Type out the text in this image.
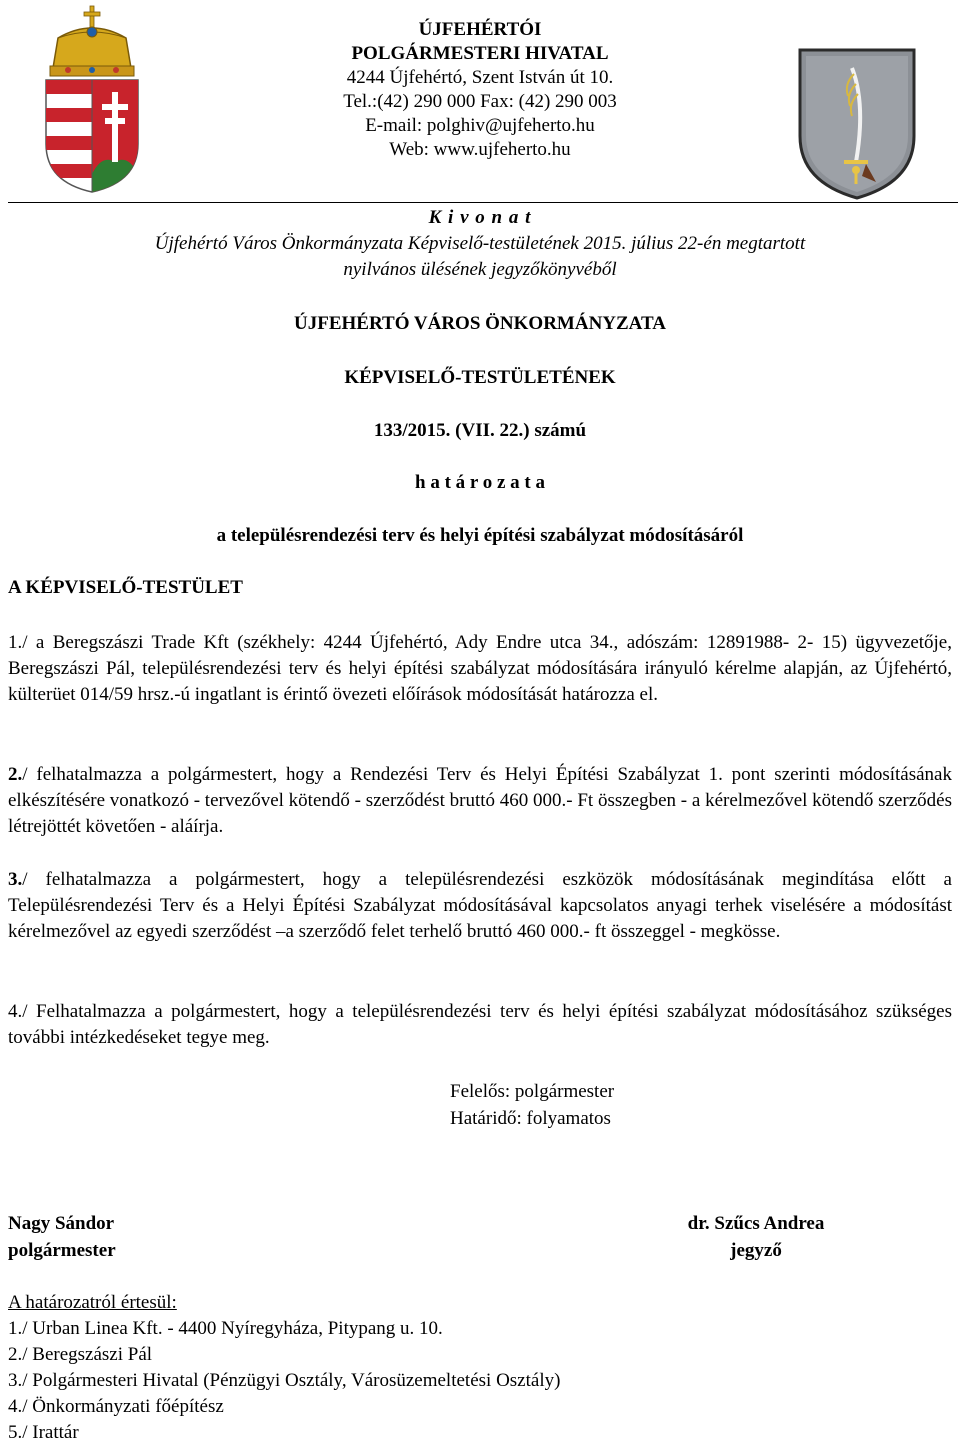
ÚJFEHÉRTÓI
POLGÁRMESTERI HIVATAL
4244 Újfehértó, Szent István út 10.
Tel.:(42) 290 000 Fax: (42) 290 003
E-mail: polghiv@ujfeherto.hu
Web: www.ujfeherto.hu
K i v o n a t
Újfehértó Város Önkormányzata Képviselő-testületének 2015. július 22-én megtartott
nyilvános ülésének jegyzőkönyvéből
ÚJFEHÉRTÓ VÁROS ÖNKORMÁNYZATA
KÉPVISELŐ-TESTÜLETÉNEK
133/2015. (VII. 22.) számú
h a t á r o z a t a
a településrendezési terv és helyi építési szabályzat módosításáról
A KÉPVISELŐ-TESTÜLET
1./ a Beregszászi Trade Kft (székhely: 4244 Újfehértó, Ady Endre utca 34., adószám: 12891988- 2- 15) ügyvezetője, Beregszászi Pál, településrendezési terv és helyi építési szabályzat módosítására irányuló kérelme alapján, az Újfehértó, külterüet 014/59 hrsz.-ú ingatlant is érintő övezeti előírások módosítását határozza el.
2./ felhatalmazza a polgármestert, hogy a Rendezési Terv és Helyi Építési Szabályzat 1. pont szerinti módosításának elkészítésére vonatkozó - tervezővel kötendő - szerződést bruttó 460 000.- Ft összegben - a kérelmezővel kötendő szerződés létrejöttét követően - aláírja.
3./ felhatalmazza a polgármestert, hogy a településrendezési eszközök módosításának megindítása előtt a Településrendezési Terv és a Helyi Építési Szabályzat módosításával kapcsolatos anyagi terhek viselésére a módosítást kérelmezővel az egyedi szerződést –a szerződő felet terhelő bruttó 460 000.- ft összeggel - megkösse.
4./ Felhatalmazza a polgármestert, hogy a településrendezési terv és helyi építési szabályzat módosításához szükséges további intézkedéseket tegye meg.
Felelős: polgármester
Határidő: folyamatos
Nagy Sándor
polgármester
dr. Szűcs Andrea
jegyző
A határozatról értesül:
1./ Urban Linea Kft. - 4400 Nyíregyháza, Pitypang u. 10.
2./ Beregszászi Pál
3./ Polgármesteri Hivatal (Pénzügyi Osztály, Városüzemeltetési Osztály)
4./ Önkormányzati főépítész
5./ Irattár
